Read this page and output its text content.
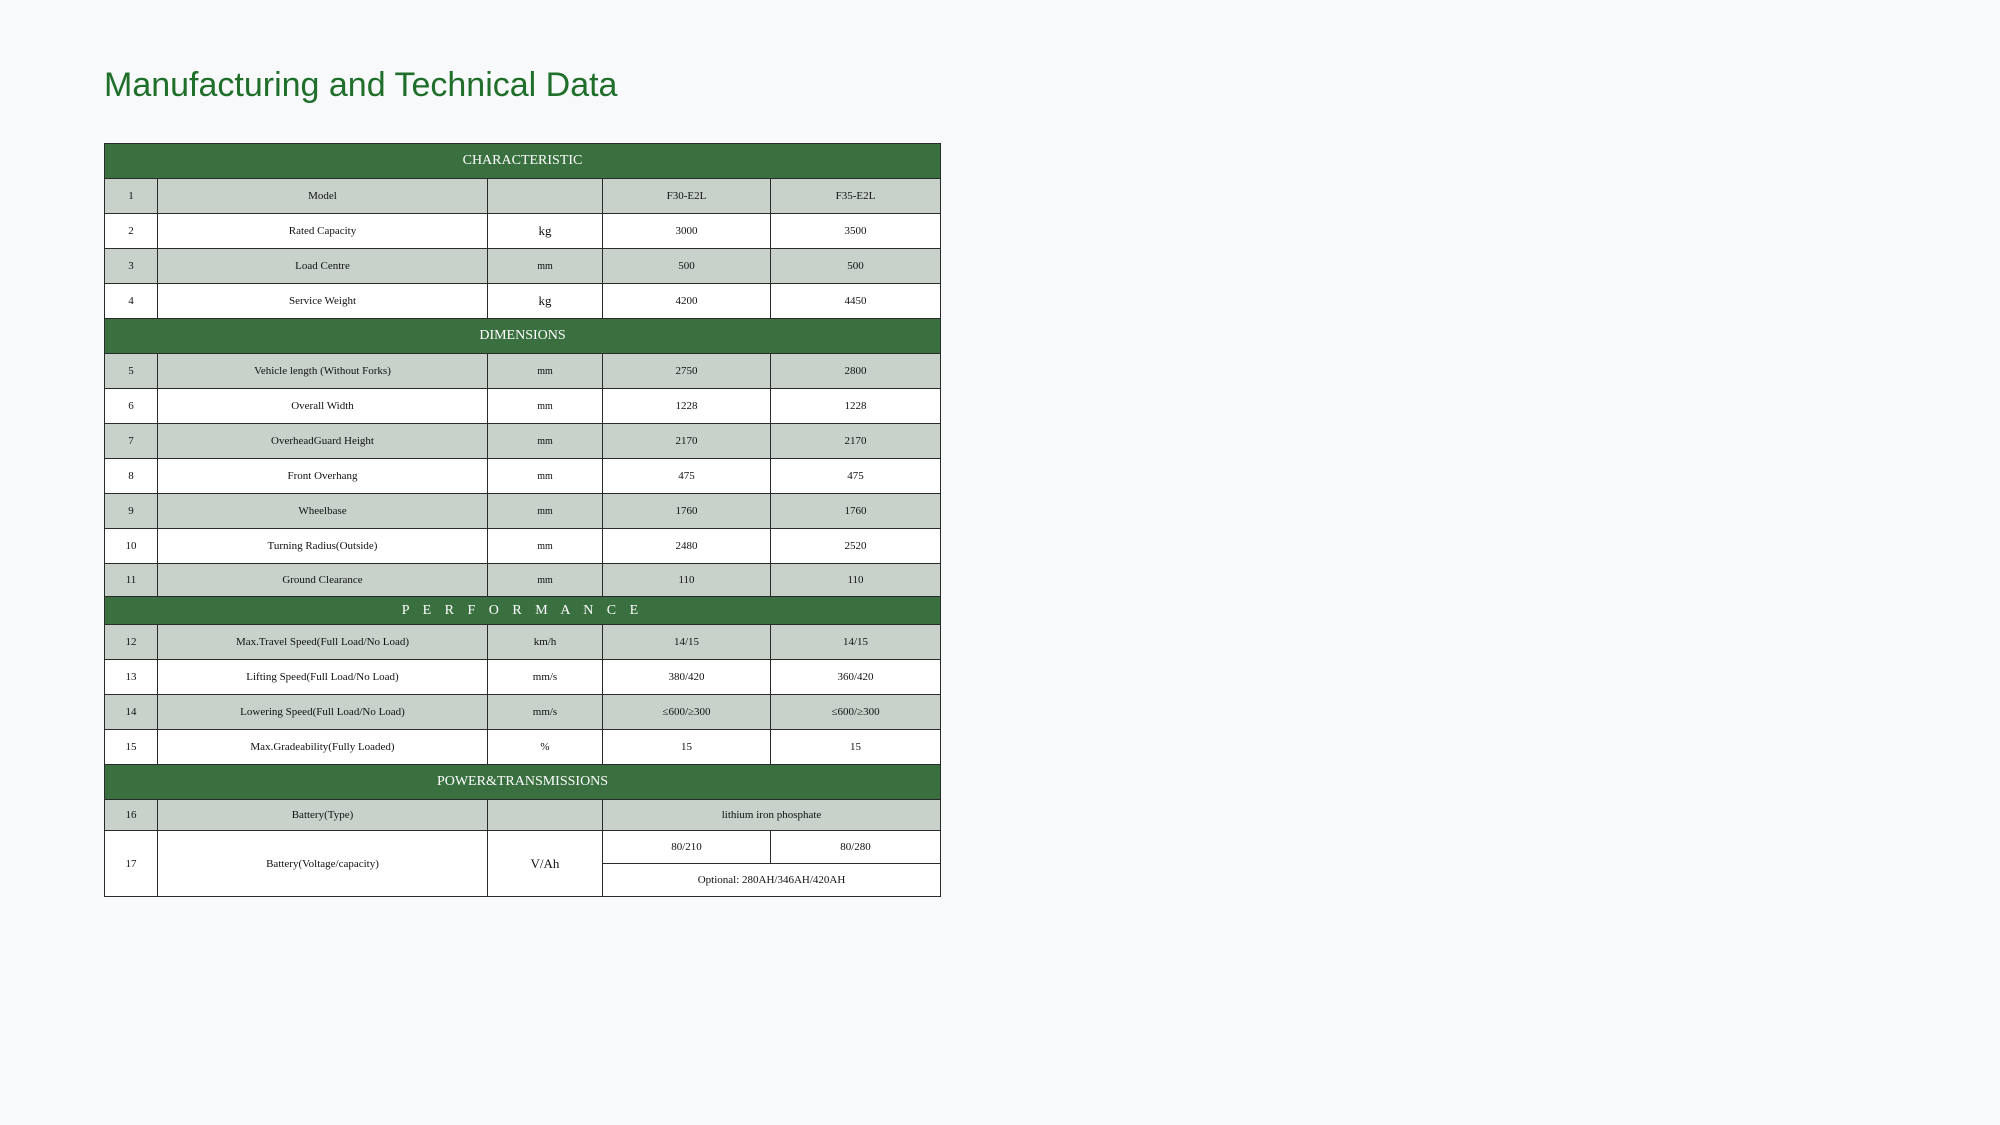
Manufacturing and Technical Data
CHARACTERISTIC				
1	Model		F30-E2L	F35-E2L
2	Rated Capacity	kg	3000	3500
3	Load Centre	mm	500	500
4	Service Weight	kg	4200	4450
DIMENSIONS				
5	Vehicle length (Without Forks)	mm	2750	2800
6	Overall Width	mm	1228	1228
7	OverheadGuard Height	mm	2170	2170
8	Front Overhang	mm	475	475
9	Wheelbase	mm	1760	1760
10	Turning Radius(Outside)	mm	2480	2520
11	Ground Clearance	mm	110	110
P E R F O R M A N C E				
12	Max.Travel Speed(Full Load/No Load)	km/h	14/15	14/15
13	Lifting Speed(Full Load/No Load)	mm/s	380/420	360/420
14	Lowering Speed(Full Load/No Load)	mm/s	≤600/≥300	≤600/≥300
15	Max.Gradeability(Fully Loaded)	%	15	15
POWER&TRANSMISSIONS				
16	Battery(Type)		lithium iron phosphate	
17	Battery(Voltage/capacity)	V/Ah	80/210	80/280
			Optional: 280AH/346AH/420AH	
